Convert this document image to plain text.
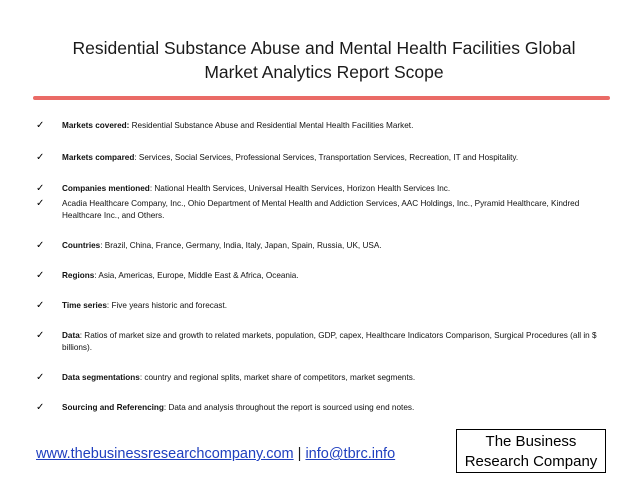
Residential Substance Abuse and Mental Health Facilities Global
Market Analytics Report Scope
✓ Markets covered: Residential Substance Abuse and Residential Mental Health Facilities Market.
✓ Markets compared: Services, Social Services, Professional Services, Transportation Services, Recreation, IT and Hospitality.
✓ Companies mentioned: National Health Services, Universal Health Services, Horizon Health Services Inc.
✓ Acadia Healthcare Company, Inc., Ohio Department of Mental Health and Addiction Services, AAC Holdings, Inc., Pyramid Healthcare, Kindred Healthcare Inc., and Others.
✓ Countries: Brazil, China, France, Germany, India, Italy, Japan, Spain, Russia, UK, USA.
✓ Regions: Asia, Americas, Europe, Middle East & Africa, Oceania.
✓ Time series: Five years historic and forecast.
✓ Data: Ratios of market size and growth to related markets, population, GDP, capex, Healthcare Indicators Comparison, Surgical Procedures (all in $ billions).
✓ Data segmentations: country and regional splits, market share of competitors, market segments.
✓ Sourcing and Referencing: Data and analysis throughout the report is sourced using end notes.
www.thebusinessresearchcompany.com | info@tbrc.info
The Business
Research Company
